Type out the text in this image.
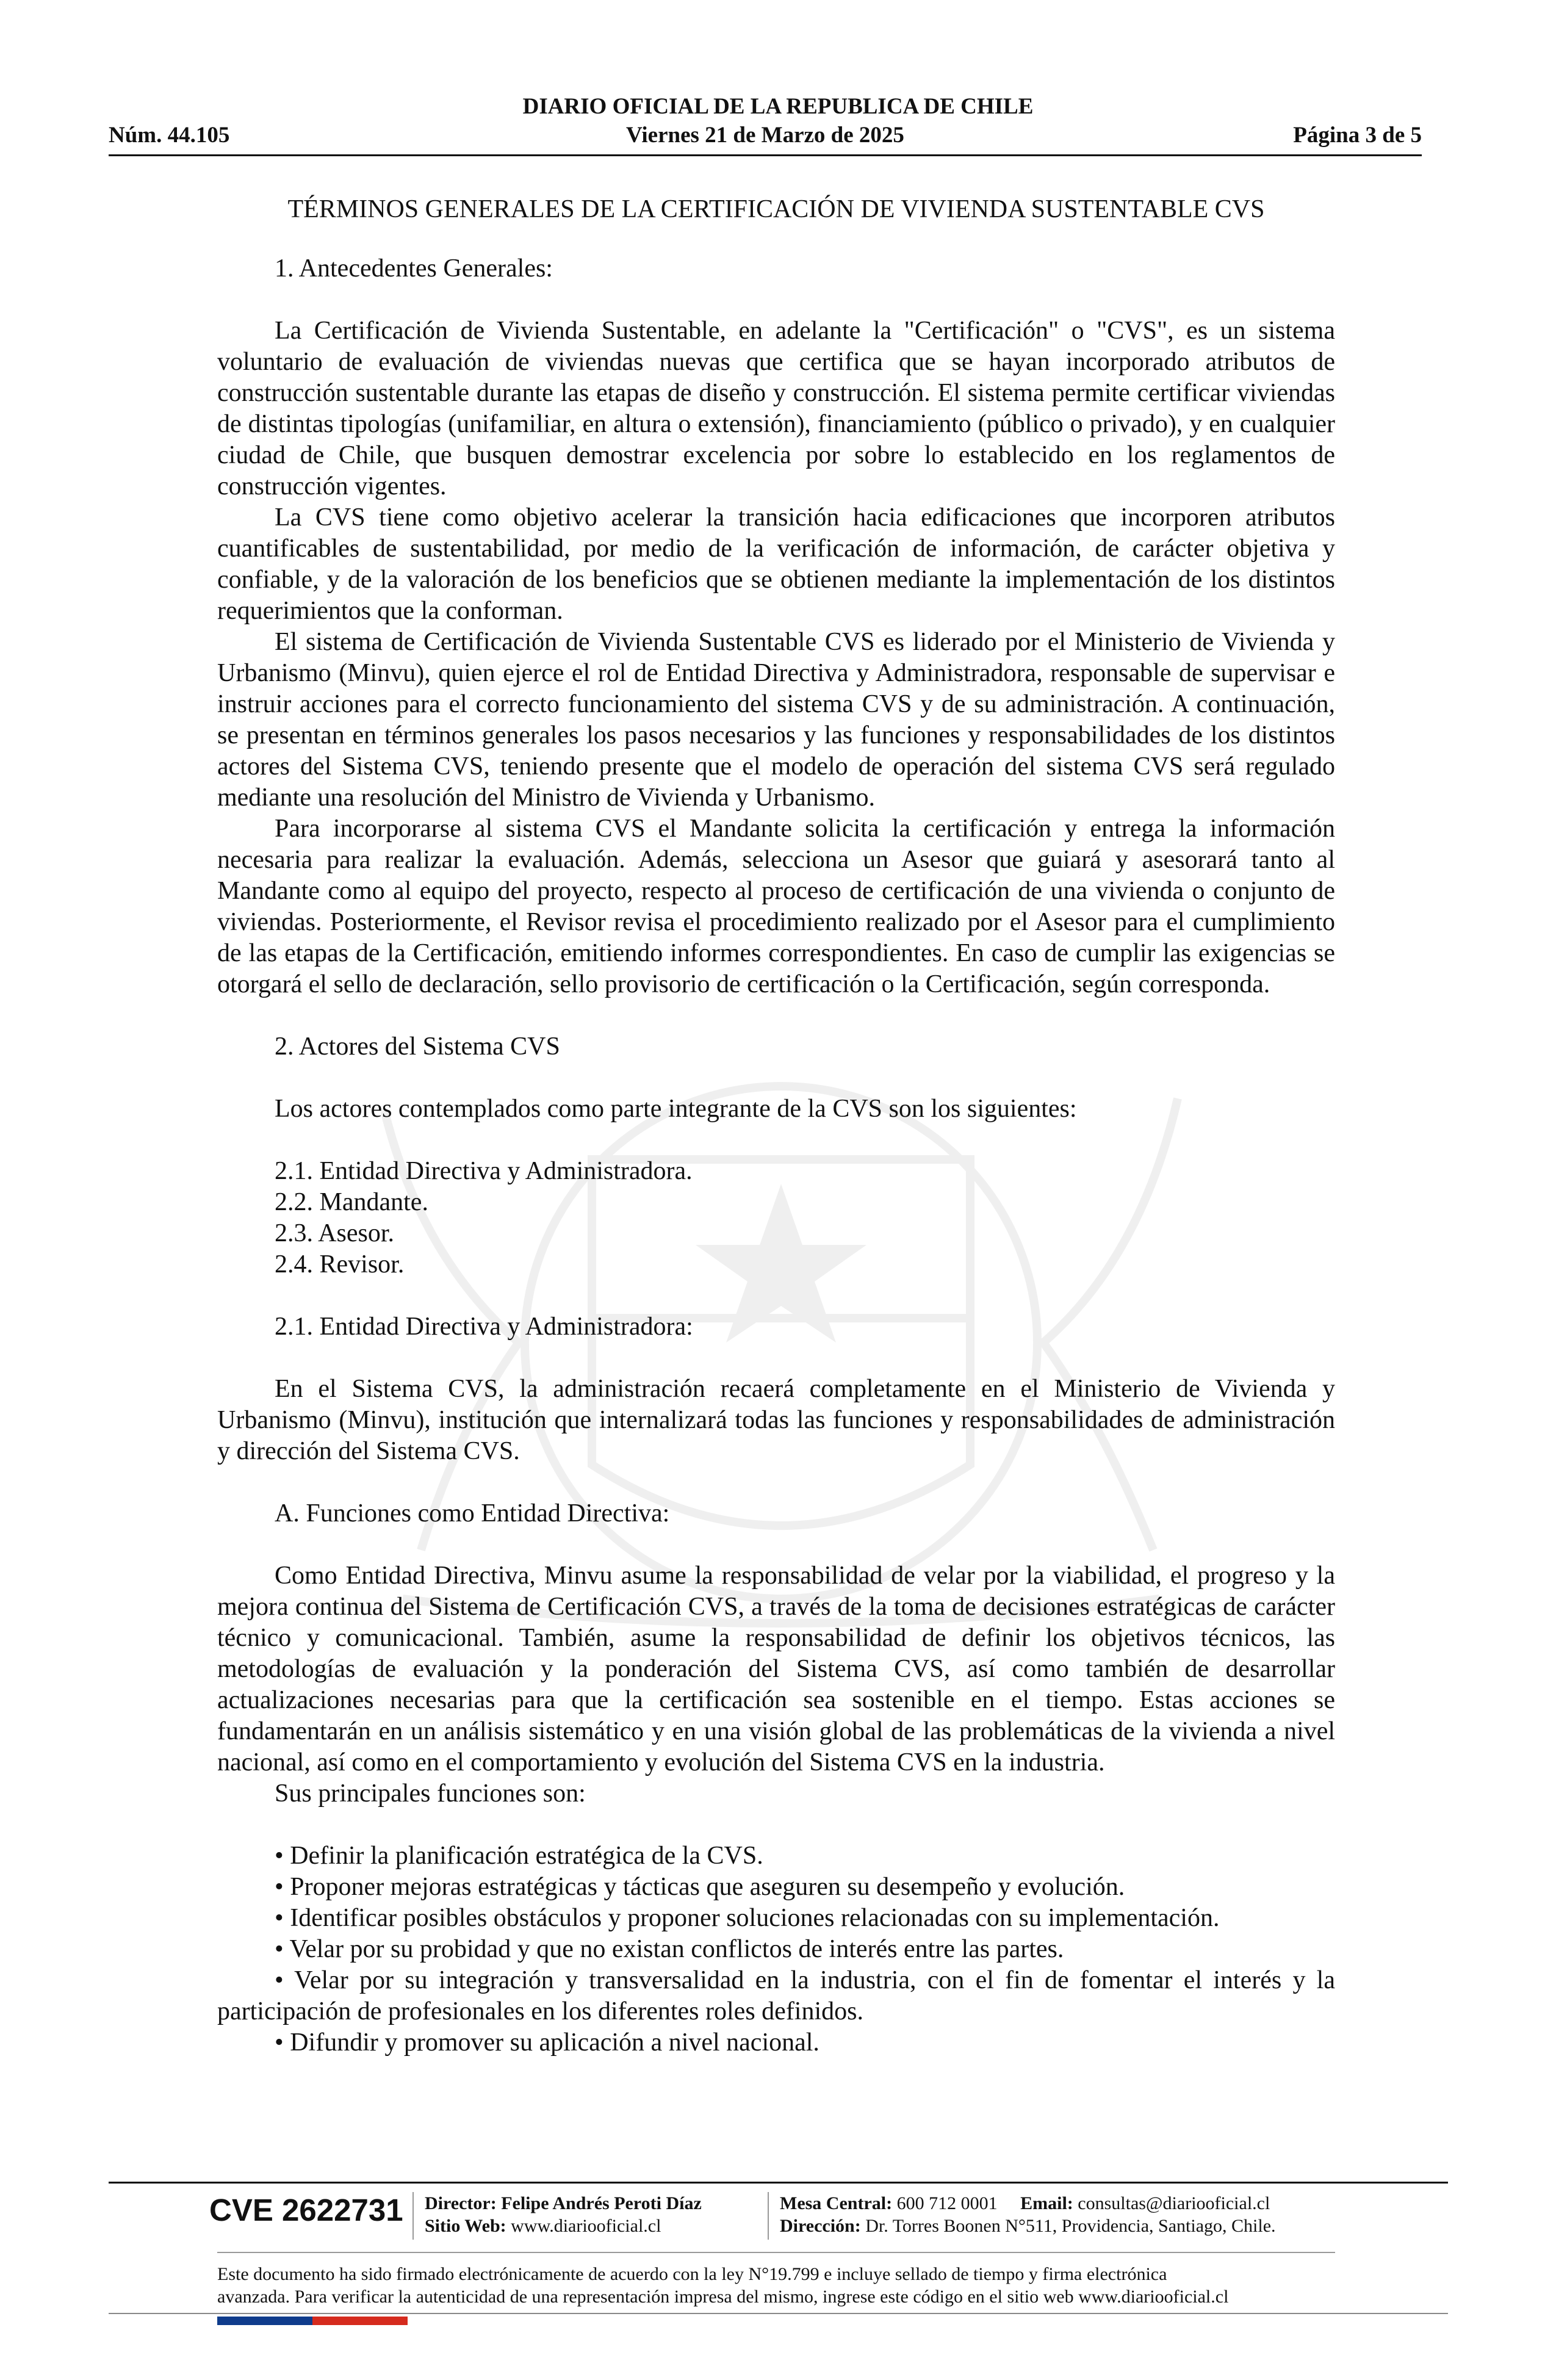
DIARIO OFICIAL DE LA REPUBLICA DE CHILE
Núm. 44.105	Viernes 21 de Marzo de 2025	Página 3 de 5
TÉRMINOS GENERALES DE LA CERTIFICACIÓN DE VIVIENDA SUSTENTABLE CVS
1. Antecedentes Generales:
La Certificación de Vivienda Sustentable, en adelante la "Certificación" o "CVS", es un sistema voluntario de evaluación de viviendas nuevas que certifica que se hayan incorporado atributos de construcción sustentable durante las etapas de diseño y construcción. El sistema permite certificar viviendas de distintas tipologías (unifamiliar, en altura o extensión), financiamiento (público o privado), y en cualquier ciudad de Chile, que busquen demostrar excelencia por sobre lo establecido en los reglamentos de construcción vigentes.
La CVS tiene como objetivo acelerar la transición hacia edificaciones que incorporen atributos cuantificables de sustentabilidad, por medio de la verificación de información, de carácter objetiva y confiable, y de la valoración de los beneficios que se obtienen mediante la implementación de los distintos requerimientos que la conforman.
El sistema de Certificación de Vivienda Sustentable CVS es liderado por el Ministerio de Vivienda y Urbanismo (Minvu), quien ejerce el rol de Entidad Directiva y Administradora, responsable de supervisar e instruir acciones para el correcto funcionamiento del sistema CVS y de su administración. A continuación, se presentan en términos generales los pasos necesarios y las funciones y responsabilidades de los distintos actores del Sistema CVS, teniendo presente que el modelo de operación del sistema CVS será regulado mediante una resolución del Ministro de Vivienda y Urbanismo.
Para incorporarse al sistema CVS el Mandante solicita la certificación y entrega la información necesaria para realizar la evaluación. Además, selecciona un Asesor que guiará y asesorará tanto al Mandante como al equipo del proyecto, respecto al proceso de certificación de una vivienda o conjunto de viviendas. Posteriormente, el Revisor revisa el procedimiento realizado por el Asesor para el cumplimiento de las etapas de la Certificación, emitiendo informes correspondientes. En caso de cumplir las exigencias se otorgará el sello de declaración, sello provisorio de certificación o la Certificación, según corresponda.
2. Actores del Sistema CVS
Los actores contemplados como parte integrante de la CVS son los siguientes:
2.1. Entidad Directiva y Administradora.
2.2. Mandante.
2.3. Asesor.
2.4. Revisor.
2.1. Entidad Directiva y Administradora:
En el Sistema CVS, la administración recaerá completamente en el Ministerio de Vivienda y Urbanismo (Minvu), institución que internalizará todas las funciones y responsabilidades de administración y dirección del Sistema CVS.
A. Funciones como Entidad Directiva:
Como Entidad Directiva, Minvu asume la responsabilidad de velar por la viabilidad, el progreso y la mejora continua del Sistema de Certificación CVS, a través de la toma de decisiones estratégicas de carácter técnico y comunicacional. También, asume la responsabilidad de definir los objetivos técnicos, las metodologías de evaluación y la ponderación del Sistema CVS, así como también de desarrollar actualizaciones necesarias para que la certificación sea sostenible en el tiempo. Estas acciones se fundamentarán en un análisis sistemático y en una visión global de las problemáticas de la vivienda a nivel nacional, así como en el comportamiento y evolución del Sistema CVS en la industria.
Sus principales funciones son:
• Definir la planificación estratégica de la CVS.
• Proponer mejoras estratégicas y tácticas que aseguren su desempeño y evolución.
• Identificar posibles obstáculos y proponer soluciones relacionadas con su implementación.
• Velar por su probidad y que no existan conflictos de interés entre las partes.
• Velar por su integración y transversalidad en la industria, con el fin de fomentar el interés y la participación de profesionales en los diferentes roles definidos.
• Difundir y promover su aplicación a nivel nacional.
CVE 2622731 Director: Felipe Andrés Peroti Díaz
Sitio Web: www.diariooficial.cl
Mesa Central: 600 712 0001 Email: consultas@diariooficial.cl
Dirección: Dr. Torres Boonen N°511, Providencia, Santiago, Chile.
Este documento ha sido firmado electrónicamente de acuerdo con la ley N°19.799 e incluye sellado de tiempo y firma electrónica
avanzada. Para verificar la autenticidad de una representación impresa del mismo, ingrese este código en el sitio web www.diariooficial.cl
